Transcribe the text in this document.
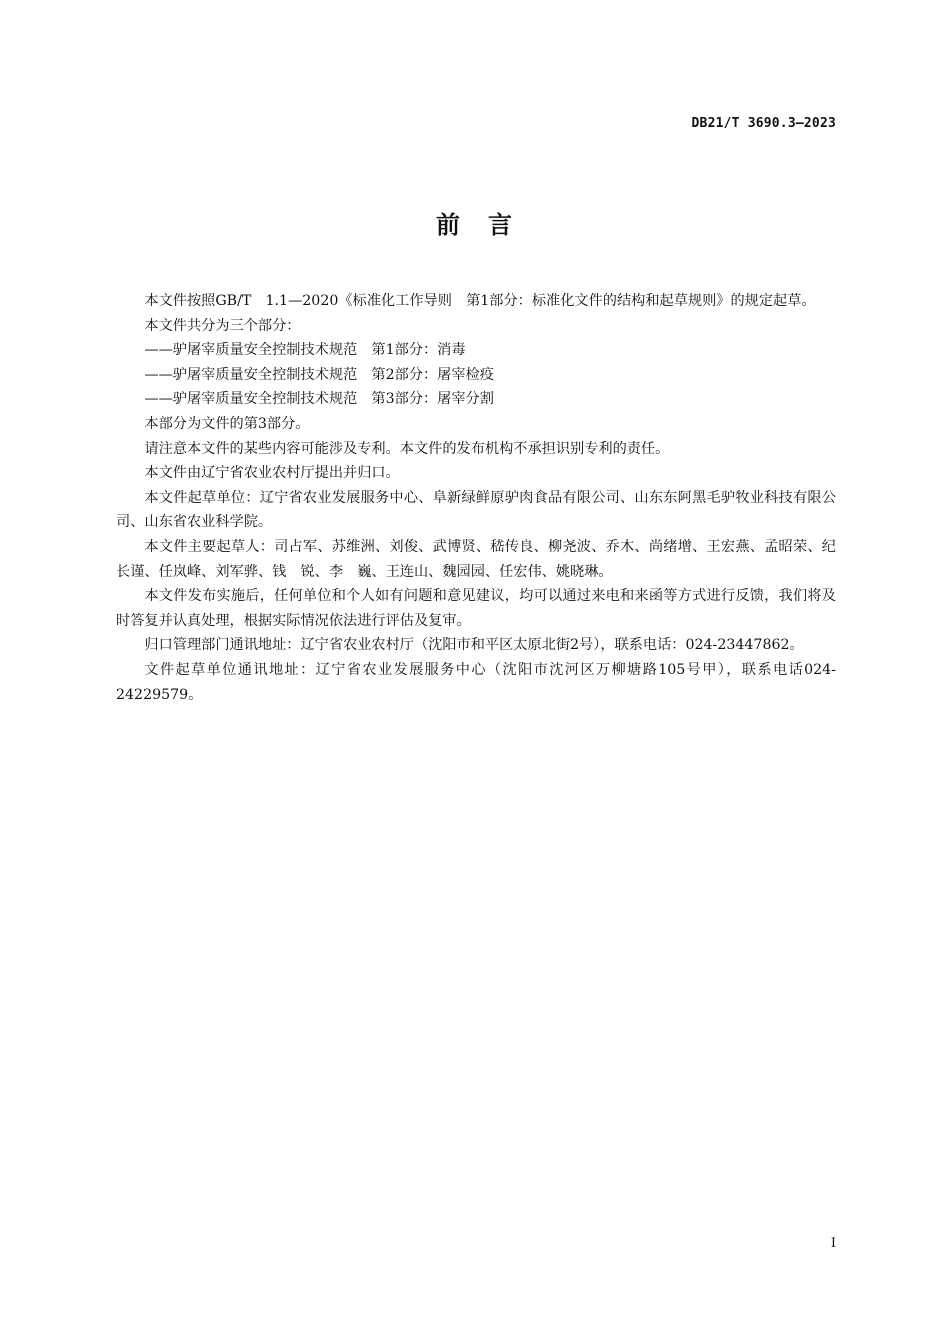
DB21/T 3690.3—2023
前　言

本文件按照GB/T　1.1—2020《标准化工作导则　第1部分：标准化文件的结构和起草规则》的规定起草。

本文件共分为三个部分：

——驴屠宰质量安全控制技术规范　第1部分：消毒

——驴屠宰质量安全控制技术规范　第2部分：屠宰检疫

——驴屠宰质量安全控制技术规范　第3部分：屠宰分割

本部分为文件的第3部分。

请注意本文件的某些内容可能涉及专利。本文件的发布机构不承担识别专利的责任。

本文件由辽宁省农业农村厅提出并归口。

本文件起草单位：辽宁省农业发展服务中心、阜新绿鲜原驴肉食品有限公司、山东东阿黑毛驴牧业科技有限公司、山东省农业科学院。

本文件主要起草人：司占军、苏维洲、刘俊、武博贤、嵇传良、柳尧波、乔木、尚绪增、王宏燕、孟昭荣、纪长谨、任岚峰、刘军骅、钱　锐、李　巍、王连山、魏园园、任宏伟、姚晓琳。

本文件发布实施后，任何单位和个人如有问题和意见建议，均可以通过来电和来函等方式进行反馈，我们将及时答复并认真处理，根据实际情况依法进行评估及复审。

归口管理部门通讯地址：辽宁省农业农村厅（沈阳市和平区太原北街2号），联系电话：024-23447862。

文件起草单位通讯地址：辽宁省农业发展服务中心（沈阳市沈河区万柳塘路105号甲），联系电话024-24229579。

I
